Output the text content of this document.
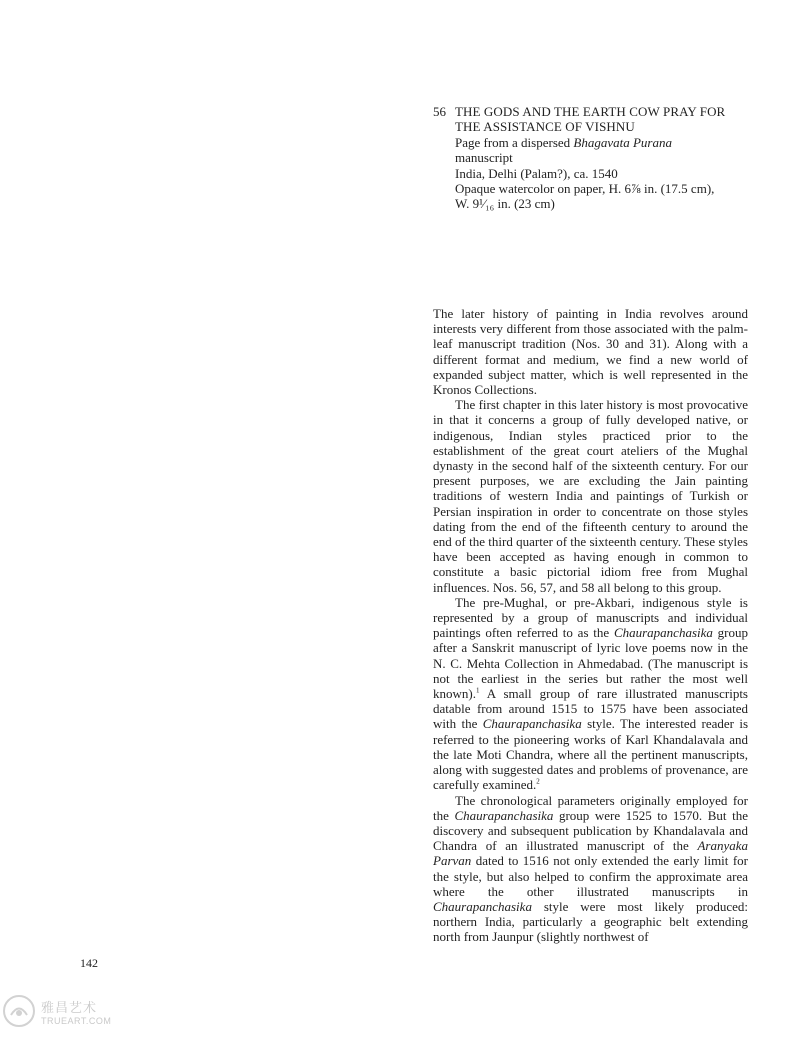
56 THE GODS AND THE EARTH COW PRAY FOR
THE ASSISTANCE OF VISHNU
Page from a dispersed Bhagavata Purana
manuscript
India, Delhi (Palam?), ca. 1540
Opaque watercolor on paper, H. 6⅞ in. (17.5 cm),
W. 9¹⁄₁₆ in. (23 cm)

The later history of painting in India revolves around interests very different from those associated with the palm-leaf manuscript tradition (Nos. 30 and 31). Along with a different format and medium, we find a new world of expanded subject matter, which is well represented in the Kronos Collections.

The first chapter in this later history is most provocative in that it concerns a group of fully developed native, or indigenous, Indian styles practiced prior to the establishment of the great court ateliers of the Mughal dynasty in the second half of the sixteenth century. For our present purposes, we are excluding the Jain painting traditions of western India and paintings of Turkish or Persian inspiration in order to concentrate on those styles dating from the end of the fifteenth century to around the end of the third quarter of the sixteenth century. These styles have been accepted as having enough in common to constitute a basic pictorial idiom free from Mughal influences. Nos. 56, 57, and 58 all belong to this group.

The pre-Mughal, or pre-Akbari, indigenous style is represented by a group of manuscripts and individual paintings often referred to as the Chaurapanchasika group after a Sanskrit manuscript of lyric love poems now in the N. C. Mehta Collection in Ahmedabad. (The manuscript is not the earliest in the series but rather the most well known).$^1$ A small group of rare illustrated manuscripts datable from around 1515 to 1575 have been associated with the Chaurapanchasika style. The interested reader is referred to the pioneering works of Karl Khandalavala and the late Moti Chandra, where all the pertinent manuscripts, along with suggested dates and problems of provenance, are carefully examined.$^2$

The chronological parameters originally employed for the Chaurapanchasika group were 1525 to 1570. But the discovery and subsequent publication by Khandalavala and Chandra of an illustrated manuscript of the Aranyaka Parvan dated to 1516 not only extended the early limit for the style, but also helped to confirm the approximate area where the other illustrated manuscripts in Chaurapanchasika style were most likely produced: northern India, particularly a geographic belt extending north from Jaunpur (slightly northwest of

142
雅昌艺术
TRUEART.COM
